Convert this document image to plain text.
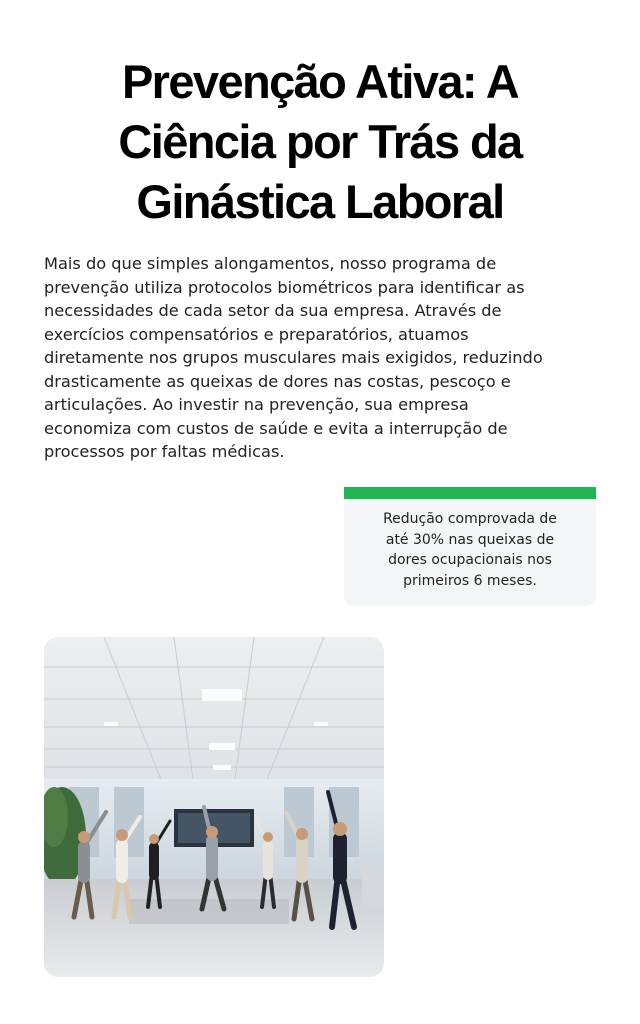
Prevenção Ativa: A
Ciência por Trás da
Ginástica Laboral

Mais do que simples alongamentos, nosso programa de
prevenção utiliza protocolos biométricos para identificar as
necessidades de cada setor da sua empresa. Através de
exercícios compensatórios e preparatórios, atuamos
diretamente nos grupos musculares mais exigidos, reduzindo
drasticamente as queixas de dores nas costas, pescoço e
articulações. Ao investir na prevenção, sua empresa
economiza com custos de saúde e evita a interrupção de
processos por faltas médicas.

Redução comprovada de
até 30% nas queixas de
dores ocupacionais nos
primeiros 6 meses.
